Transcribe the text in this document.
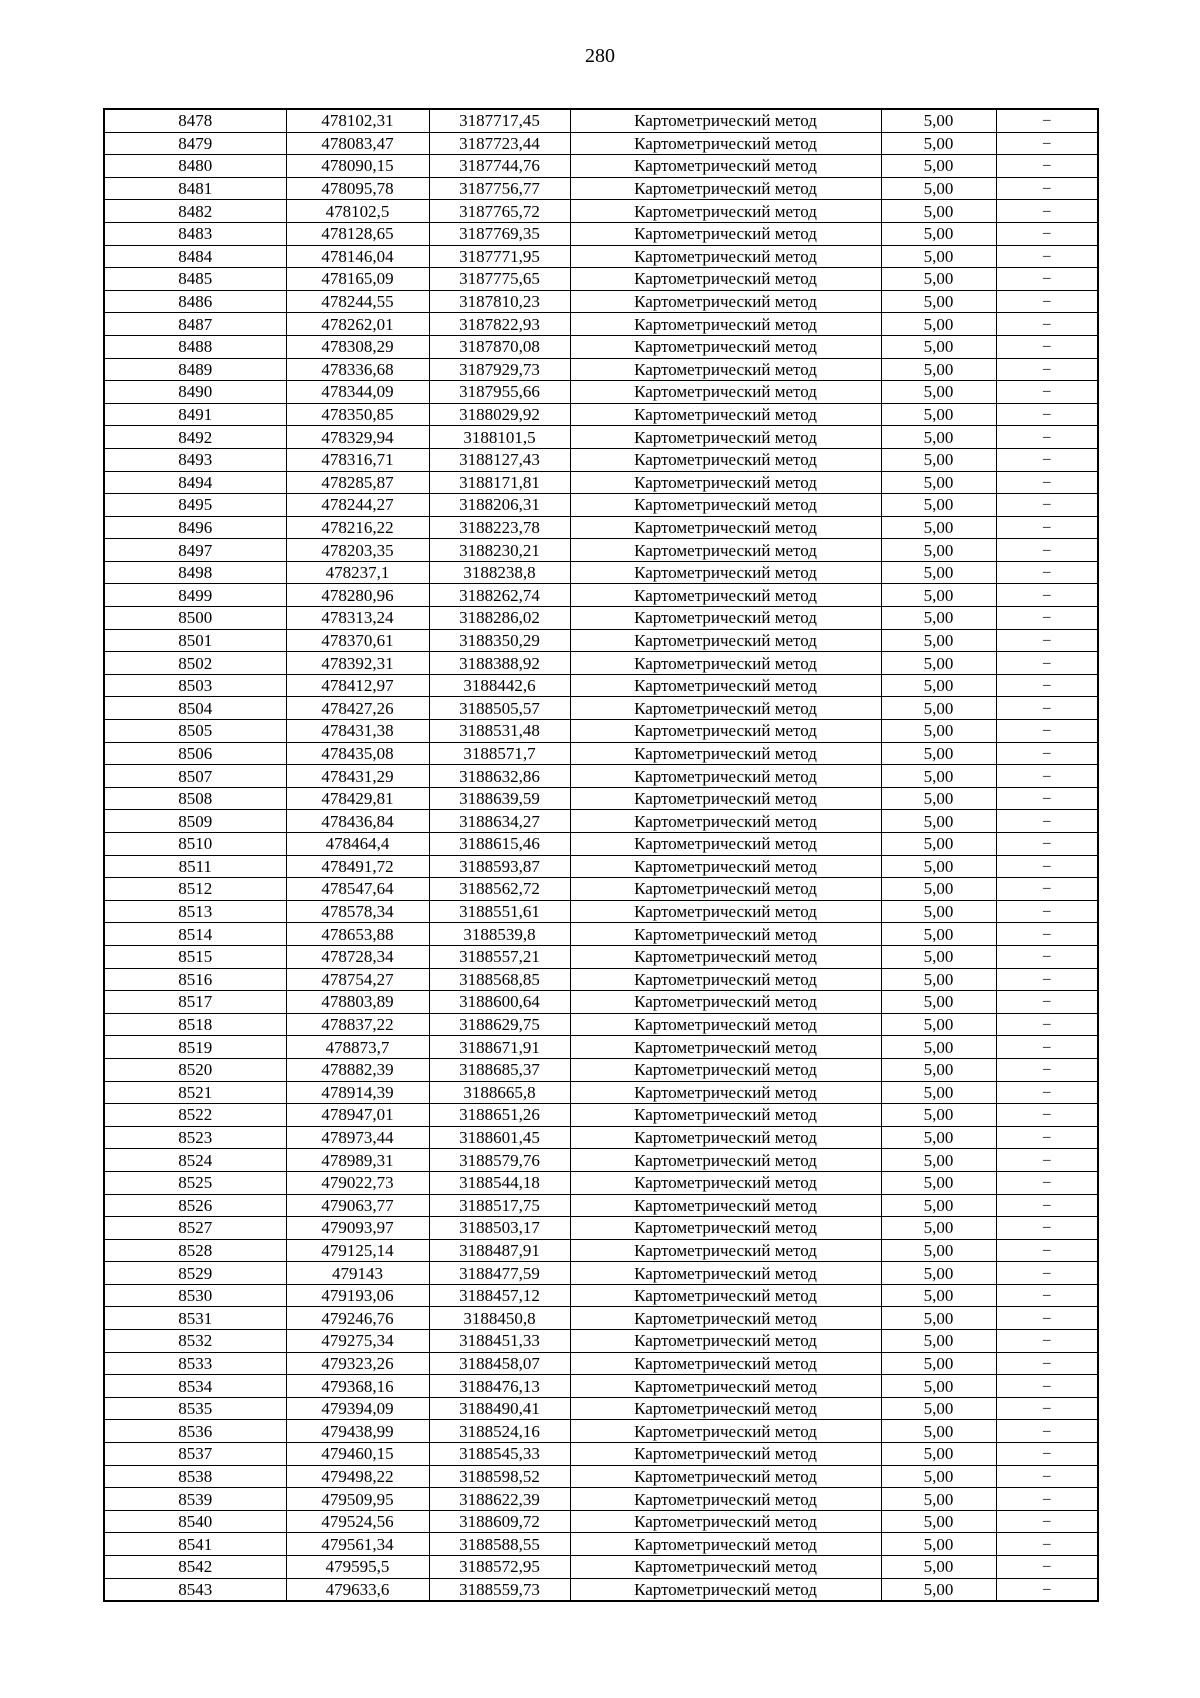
280
8478	478102,31	3187717,45	Картометрический метод	5,00	–
8479	478083,47	3187723,44	Картометрический метод	5,00	–
8480	478090,15	3187744,76	Картометрический метод	5,00	–
8481	478095,78	3187756,77	Картометрический метод	5,00	–
8482	478102,5	3187765,72	Картометрический метод	5,00	–
8483	478128,65	3187769,35	Картометрический метод	5,00	–
8484	478146,04	3187771,95	Картометрический метод	5,00	–
8485	478165,09	3187775,65	Картометрический метод	5,00	–
8486	478244,55	3187810,23	Картометрический метод	5,00	–
8487	478262,01	3187822,93	Картометрический метод	5,00	–
8488	478308,29	3187870,08	Картометрический метод	5,00	–
8489	478336,68	3187929,73	Картометрический метод	5,00	–
8490	478344,09	3187955,66	Картометрический метод	5,00	–
8491	478350,85	3188029,92	Картометрический метод	5,00	–
8492	478329,94	3188101,5	Картометрический метод	5,00	–
8493	478316,71	3188127,43	Картометрический метод	5,00	–
8494	478285,87	3188171,81	Картометрический метод	5,00	–
8495	478244,27	3188206,31	Картометрический метод	5,00	–
8496	478216,22	3188223,78	Картометрический метод	5,00	–
8497	478203,35	3188230,21	Картометрический метод	5,00	–
8498	478237,1	3188238,8	Картометрический метод	5,00	–
8499	478280,96	3188262,74	Картометрический метод	5,00	–
8500	478313,24	3188286,02	Картометрический метод	5,00	–
8501	478370,61	3188350,29	Картометрический метод	5,00	–
8502	478392,31	3188388,92	Картометрический метод	5,00	–
8503	478412,97	3188442,6	Картометрический метод	5,00	–
8504	478427,26	3188505,57	Картометрический метод	5,00	–
8505	478431,38	3188531,48	Картометрический метод	5,00	–
8506	478435,08	3188571,7	Картометрический метод	5,00	–
8507	478431,29	3188632,86	Картометрический метод	5,00	–
8508	478429,81	3188639,59	Картометрический метод	5,00	–
8509	478436,84	3188634,27	Картометрический метод	5,00	–
8510	478464,4	3188615,46	Картометрический метод	5,00	–
8511	478491,72	3188593,87	Картометрический метод	5,00	–
8512	478547,64	3188562,72	Картометрический метод	5,00	–
8513	478578,34	3188551,61	Картометрический метод	5,00	–
8514	478653,88	3188539,8	Картометрический метод	5,00	–
8515	478728,34	3188557,21	Картометрический метод	5,00	–
8516	478754,27	3188568,85	Картометрический метод	5,00	–
8517	478803,89	3188600,64	Картометрический метод	5,00	–
8518	478837,22	3188629,75	Картометрический метод	5,00	–
8519	478873,7	3188671,91	Картометрический метод	5,00	–
8520	478882,39	3188685,37	Картометрический метод	5,00	–
8521	478914,39	3188665,8	Картометрический метод	5,00	–
8522	478947,01	3188651,26	Картометрический метод	5,00	–
8523	478973,44	3188601,45	Картометрический метод	5,00	–
8524	478989,31	3188579,76	Картометрический метод	5,00	–
8525	479022,73	3188544,18	Картометрический метод	5,00	–
8526	479063,77	3188517,75	Картометрический метод	5,00	–
8527	479093,97	3188503,17	Картометрический метод	5,00	–
8528	479125,14	3188487,91	Картометрический метод	5,00	–
8529	479143	3188477,59	Картометрический метод	5,00	–
8530	479193,06	3188457,12	Картометрический метод	5,00	–
8531	479246,76	3188450,8	Картометрический метод	5,00	–
8532	479275,34	3188451,33	Картометрический метод	5,00	–
8533	479323,26	3188458,07	Картометрический метод	5,00	–
8534	479368,16	3188476,13	Картометрический метод	5,00	–
8535	479394,09	3188490,41	Картометрический метод	5,00	–
8536	479438,99	3188524,16	Картометрический метод	5,00	–
8537	479460,15	3188545,33	Картометрический метод	5,00	–
8538	479498,22	3188598,52	Картометрический метод	5,00	–
8539	479509,95	3188622,39	Картометрический метод	5,00	–
8540	479524,56	3188609,72	Картометрический метод	5,00	–
8541	479561,34	3188588,55	Картометрический метод	5,00	–
8542	479595,5	3188572,95	Картометрический метод	5,00	–
8543	479633,6	3188559,73	Картометрический метод	5,00	–
